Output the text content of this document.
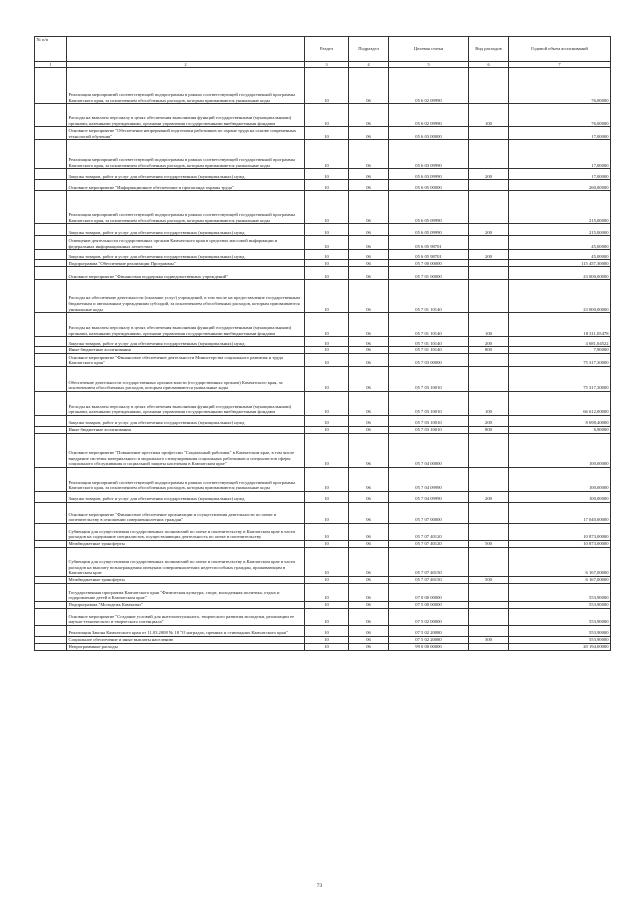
№ п/п		Раздел	Подраздел	Целевая статья	Вид расходов	Годовой объем ассигнований
1	2	3	4	5	6	7
	Реализация мероприятий соответствующей подпрограммы в рамках соответствующей государственной программы Камчатского края, за исключением обособленных расходов, которым присваиваются уникальные коды	10	06	05 6 02 09990		76,00000
	Расходы на выплаты персоналу в целях обеспечения выполнения функций государственными (муниципальными) органами, казенными учреждениями, органами управления государственными внебюджетными фондами	10	06	05 6 02 09990	100	76,00000
	Основное мероприятие "Обеспечение непрерывной подготовки работников по охране труда на основе современных технологий обучения"	10	06	05 6 03 00000		17,00000
	Реализация мероприятий соответствующей подпрограммы в рамках соответствующей государственной программы Камчатского края, за исключением обособленных расходов, которым присваиваются уникальные коды	10	06	05 6 03 09990		17,00000
	Закупка товаров, работ и услуг для обеспечения государственных (муниципальных) нужд	10	06	05 6 03 09990	200	17,00000
	Основное мероприятие "Информационное обеспечение и пропаганда охраны труда"	10	06	05 6 05 00000		260,00000
	Реализация мероприятий соответствующей подпрограммы в рамках соответствующей государственной программы Камчатского края, за исключением обособленных расходов, которым присваиваются уникальные коды	10	06	05 6 05 09990		215,00000
	Закупка товаров, работ и услуг для обеспечения государственных (муниципальных) нужд	10	06	05 6 05 09990	200	215,00000
	Освещение деятельности государственных органов Камчатского края в средствах массовой информации и федеральных информационных агентствах	10	06	05 6 05 98701		45,00000
	Закупка товаров, работ и услуг для обеспечения государственных (муниципальных) нужд	10	06	05 6 05 98701	200	45,00000
	Подпрограмма "Обеспечение реализации Программы"	10	06	05 7 00 00000		115 457,30000
	Основное мероприятие "Финансовая поддержка подведомственных учреждений"	10	06	05 7 01 00000		23 000,00000
	Расходы на обеспечение деятельности (оказание услуг) учреждений, в том числе на предоставление государственным бюджетным и автономным учреждениям субсидий, за исключением обособленных расходов, которым присваиваются уникальные коды	10	06	05 7 01 10140		23 000,00000
	Расходы на выплаты персоналу в целях обеспечения выполнения функций государственными (муниципальными) органами, казенными учреждениями, органами управления государственными внебюджетными фондами	10	06	05 7 01 10140	100	18 311,05478
	Закупка товаров, работ и услуг для обеспечения государственных (муниципальных) нужд	10	06	05 7 01 10140	200	4 681,04522
	Иные бюджетные ассигнования	10	06	05 7 01 10140	800	7,90000
	Основное мероприятие "Финансовое обеспечение деятельности Министерства социального развития и труда Камчатского края"	10	06	05 7 03 00000		75 317,30000
	Обеспечение деятельности государственных органов власти (государственных органов) Камчатского края, за исключением обособленных расходов, которым присваиваются уникальные коды	10	06	05 7 03 10010		75 317,30000
	Расходы на выплаты персоналу в целях обеспечения выполнения функций государственными (муниципальными) органами, казенными учреждениями, органами управления государственными внебюджетными фондами	10	06	05 7 03 10010	100	66 612,00000
	Закупка товаров, работ и услуг для обеспечения государственных (муниципальных) нужд	10	06	05 7 03 10010	200	8 698,40000
	Иные бюджетные ассигнования	10	06	05 7 03 10010	800	6,90000
	Основное мероприятие "Повышение престижа профессии "Социальный работник" в Камчатском крае, в том числе внедрение системы материального и морального стимулирования социальных работников и специалистов сферы социального обслуживания и социальной защиты населения в Камчатском крае"	10	06	05 7 04 00000		100,00000
	Реализация мероприятий соответствующей подпрограммы в рамках соответствующей государственной программы Камчатского края, за исключением обособленных расходов, которым присваиваются уникальные коды	10	06	05 7 04 09990		100,00000
	Закупка товаров, работ и услуг для обеспечения государственных (муниципальных) нужд	10	06	05 7 04 09990	200	100,00000
	Основное мероприятие "Финансовое обеспечение организации и осуществления деятельности по опеке и попечительству в отношении совершеннолетних граждан"	10	06	05 7 07 00000		17 040,00000
	Субвенции для осуществления государственных полномочий по опеке и попечительству в Камчатском крае в части расходов на содержание специалистов, осуществляющих деятельность по опеке и попечительству	10	06	05 7 07 40120		10 873,00000
	Межбюджетные трансферты	10	06	05 7 07 40120	500	10 873,00000
	Субвенции для осуществления государственных полномочий по опеке и попечительству в Камчатском крае в части расходов на выплату вознаграждения опекунам совершеннолетних недееспособных граждан, проживающим в Камчатском крае	10	06	05 7 07 40150		6 167,00000
	Межбюджетные трансферты	10	06	05 7 07 40150	500	6 167,00000
	Государственная программа Камчатского края "Физическая культура, спорт, молодежная политика, отдых и оздоровление детей в Камчатском крае"	10	06	07 0 00 00000		553,90000
	Подпрограмма "Молодежь Камчатки"	10	06	07 5 00 00000		553,90000
	Основное мероприятие "Создание условий для интеллектуального, творческого развития молодежи, реализации ее научно-технического и творческого потенциала"	10	06	07 5 02 00000		553,90000
	Реализация Закона Камчатского края от 11.03.2008 № 18 "О наградах, премиях и стипендиях Камчатского края"	10	06	07 5 02 20080		553,90000
	Социальное обеспечение и иные выплаты населению	10	06	07 5 02 20080	300	553,90000
	Непрограммные расходы	10	06	99 0 00 00000		20 194,00000
73
